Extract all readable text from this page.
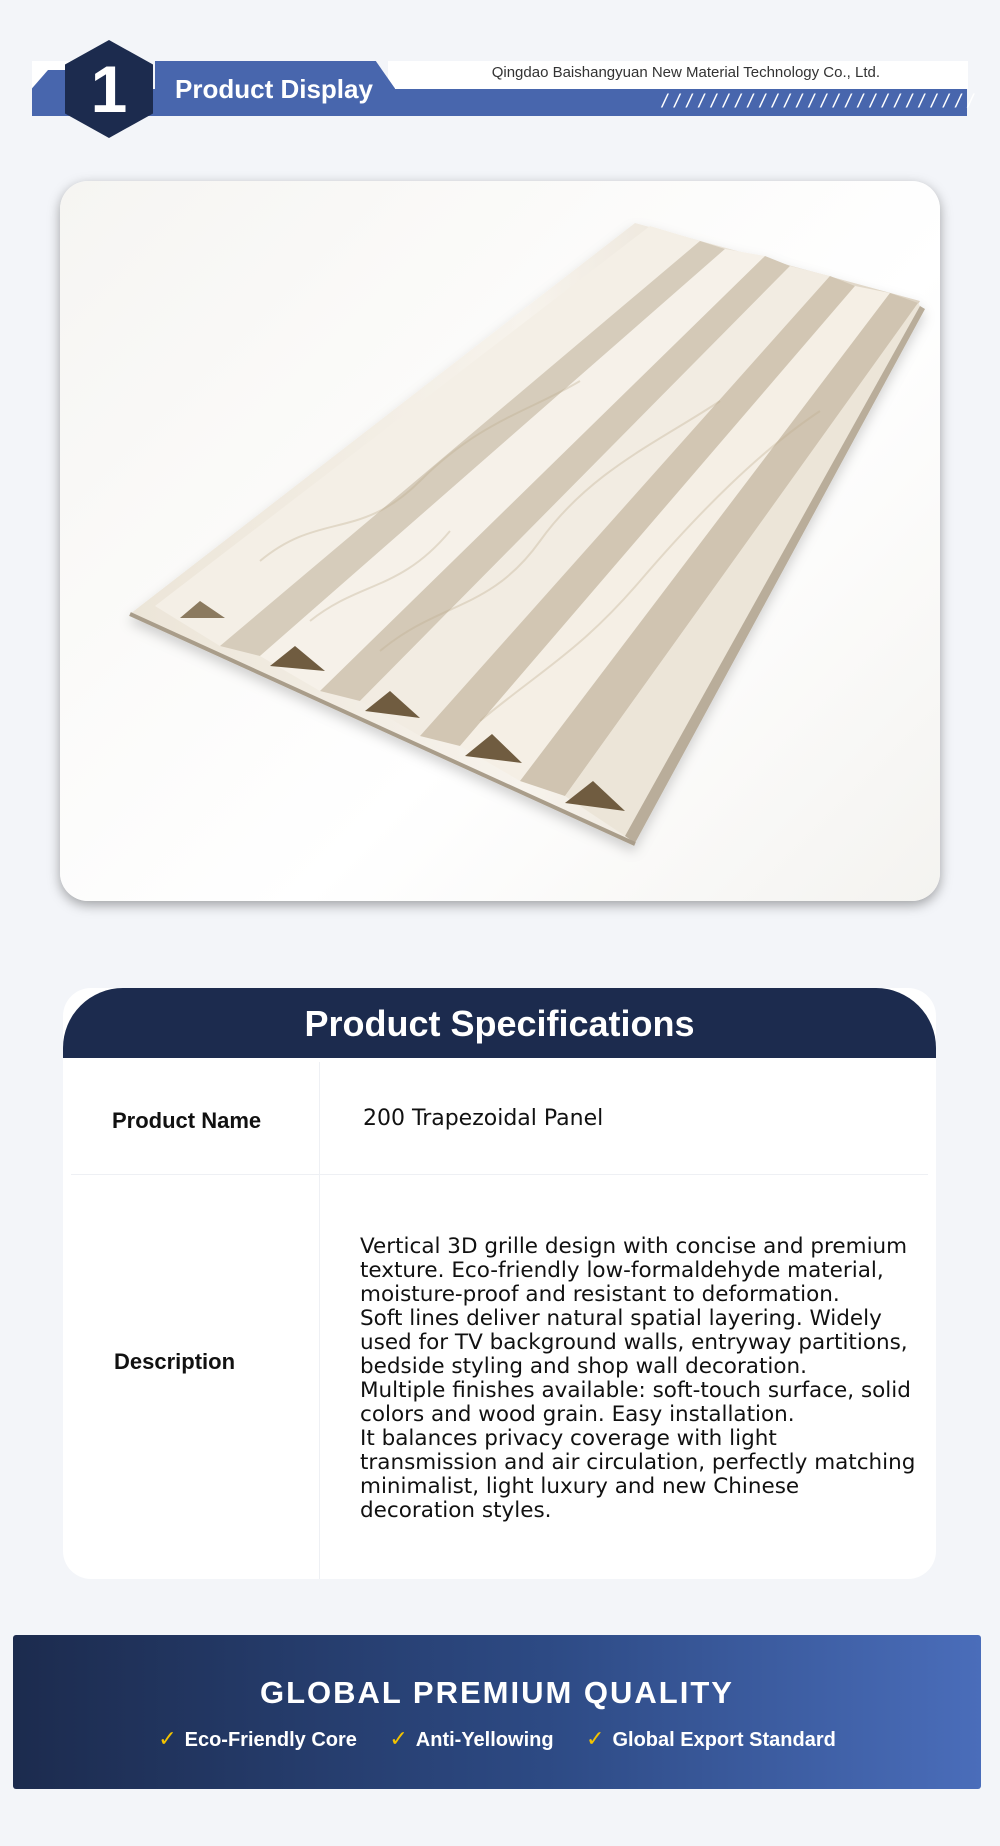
1	Product Display
Qingdao Baishangyuan New Material Technology Co., Ltd.
//////////////////////////
Product Specifications
Product Name	200 Trapezoidal Panel
Description

Vertical 3D grille design with concise and premium texture. Eco-friendly low-formaldehyde material, moisture-proof and resistant to deformation.

Soft lines deliver natural spatial layering. Widely used for TV background walls, entryway partitions, bedside styling and shop wall decoration.

Multiple finishes available: soft-touch surface, solid colors and wood grain. Easy installation.

It balances privacy coverage with light transmission and air circulation, perfectly matching minimalist, light luxury and new Chinese decoration styles.

GLOBAL PREMIUM QUALITY
✓ Eco-Friendly Core ✓ Anti-Yellowing ✓ Global Export Standard
